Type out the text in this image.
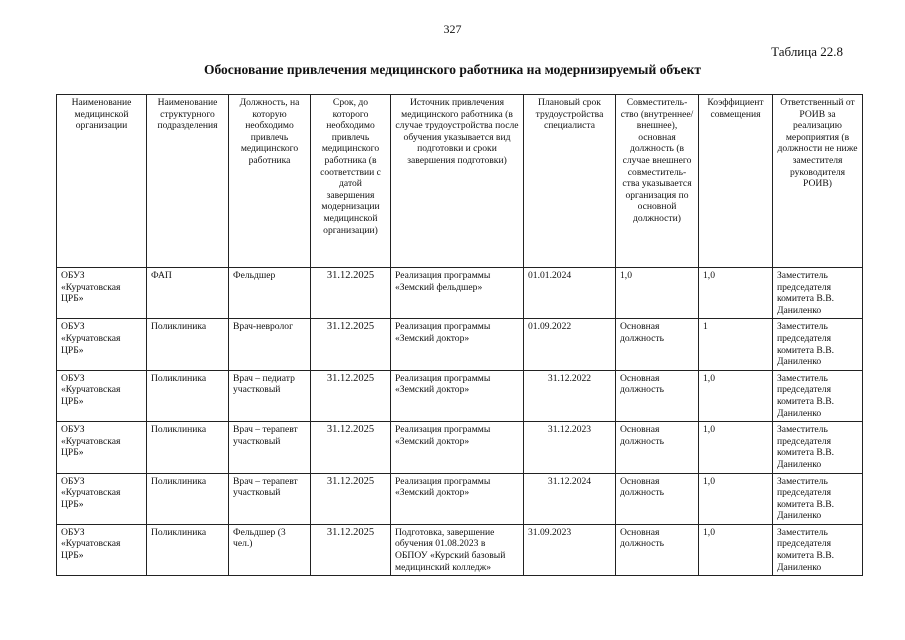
327
Таблица 22.8
Обоснование привлечения медицинского работника на модернизируемый объект
Наименование медицинской организации	Наименование структурного подразделения	Должность, на которую необходимо привлечь медицинского работника	Срок, до которого необходимо привлечь медицинского работника (в соответствии с датой завершения модернизации медицинской организации)	Источник привлечения медицинского работника (в случае трудоустройства после обучения указывается вид подготовки и сроки завершения подготовки)	Плановый срок трудоустройства специалиста	Совместитель-ство (внутреннее/ внешнее), основная должность (в случае внешнего совместитель-ства указывается организация по основной должности)	Коэффициент совмещения	Ответственный от РОИВ за реализацию мероприятия (в должности не ниже заместителя руководителя РОИВ)
ОБУЗ «Курчатовская ЦРБ»	ФАП	Фельдшер	31.12.2025	Реализация программы «Земский фельдшер»	01.01.2024	1,0	1,0	Заместитель председателя комитета В.В. Даниленко
ОБУЗ «Курчатовская ЦРБ»	Поликлиника	Врач-невролог	31.12.2025	Реализация программы «Земский доктор»	01.09.2022	Основная должность	1	Заместитель председателя комитета В.В. Даниленко
ОБУЗ «Курчатовская ЦРБ»	Поликлиника	Врач – педиатр участковый	31.12.2025	Реализация программы «Земский доктор»	31.12.2022	Основная должность	1,0	Заместитель председателя комитета В.В. Даниленко
ОБУЗ «Курчатовская ЦРБ»	Поликлиника	Врач – терапевт участковый	31.12.2025	Реализация программы «Земский доктор»	31.12.2023	Основная должность	1,0	Заместитель председателя комитета В.В. Даниленко
ОБУЗ «Курчатовская ЦРБ»	Поликлиника	Врач – терапевт участковый	31.12.2025	Реализация программы «Земский доктор»	31.12.2024	Основная должность	1,0	Заместитель председателя комитета В.В. Даниленко
ОБУЗ «Курчатовская ЦРБ»	Поликлиника	Фельдшер (3 чел.)	31.12.2025	Подготовка, завершение обучения 01.08.2023 в ОБПОУ «Курский базовый медицинский колледж»	31.09.2023	Основная должность	1,0	Заместитель председателя комитета В.В. Даниленко
